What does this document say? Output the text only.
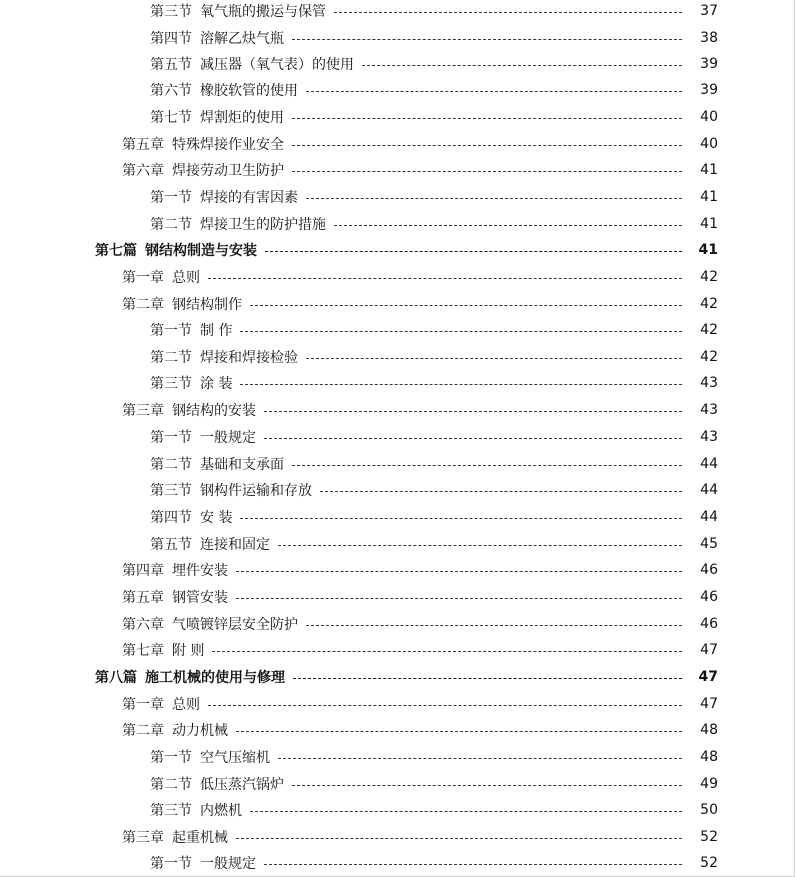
第三节 氧气瓶的搬运与保管	37
第四节 溶解乙炔气瓶	38
第五节 减压器（氧气表）的使用	39
第六节 橡胶软管的使用	39
第七节 焊割炬的使用	40
第五章 特殊焊接作业安全	40
第六章 焊接劳动卫生防护	41
第一节 焊接的有害因素	41
第二节 焊接卫生的防护措施	41
第七篇 钢结构制造与安装	41
第一章 总则	42
第二章 钢结构制作	42
第一节 制 作	42
第二节 焊接和焊接检验	42
第三节 涂 装	43
第三章 钢结构的安装	43
第一节 一般规定	43
第二节 基础和支承面	44
第三节 钢构件运输和存放	44
第四节 安 装	44
第五节 连接和固定	45
第四章 埋件安装	46
第五章 钢管安装	46
第六章 气喷镀锌层安全防护	46
第七章 附 则	47
第八篇 施工机械的使用与修理	47
第一章 总则	47
第二章 动力机械	48
第一节 空气压缩机	48
第二节 低压蒸汽锅炉	49
第三节 内燃机	50
第三章 起重机械	52
第一节 一般规定	52
